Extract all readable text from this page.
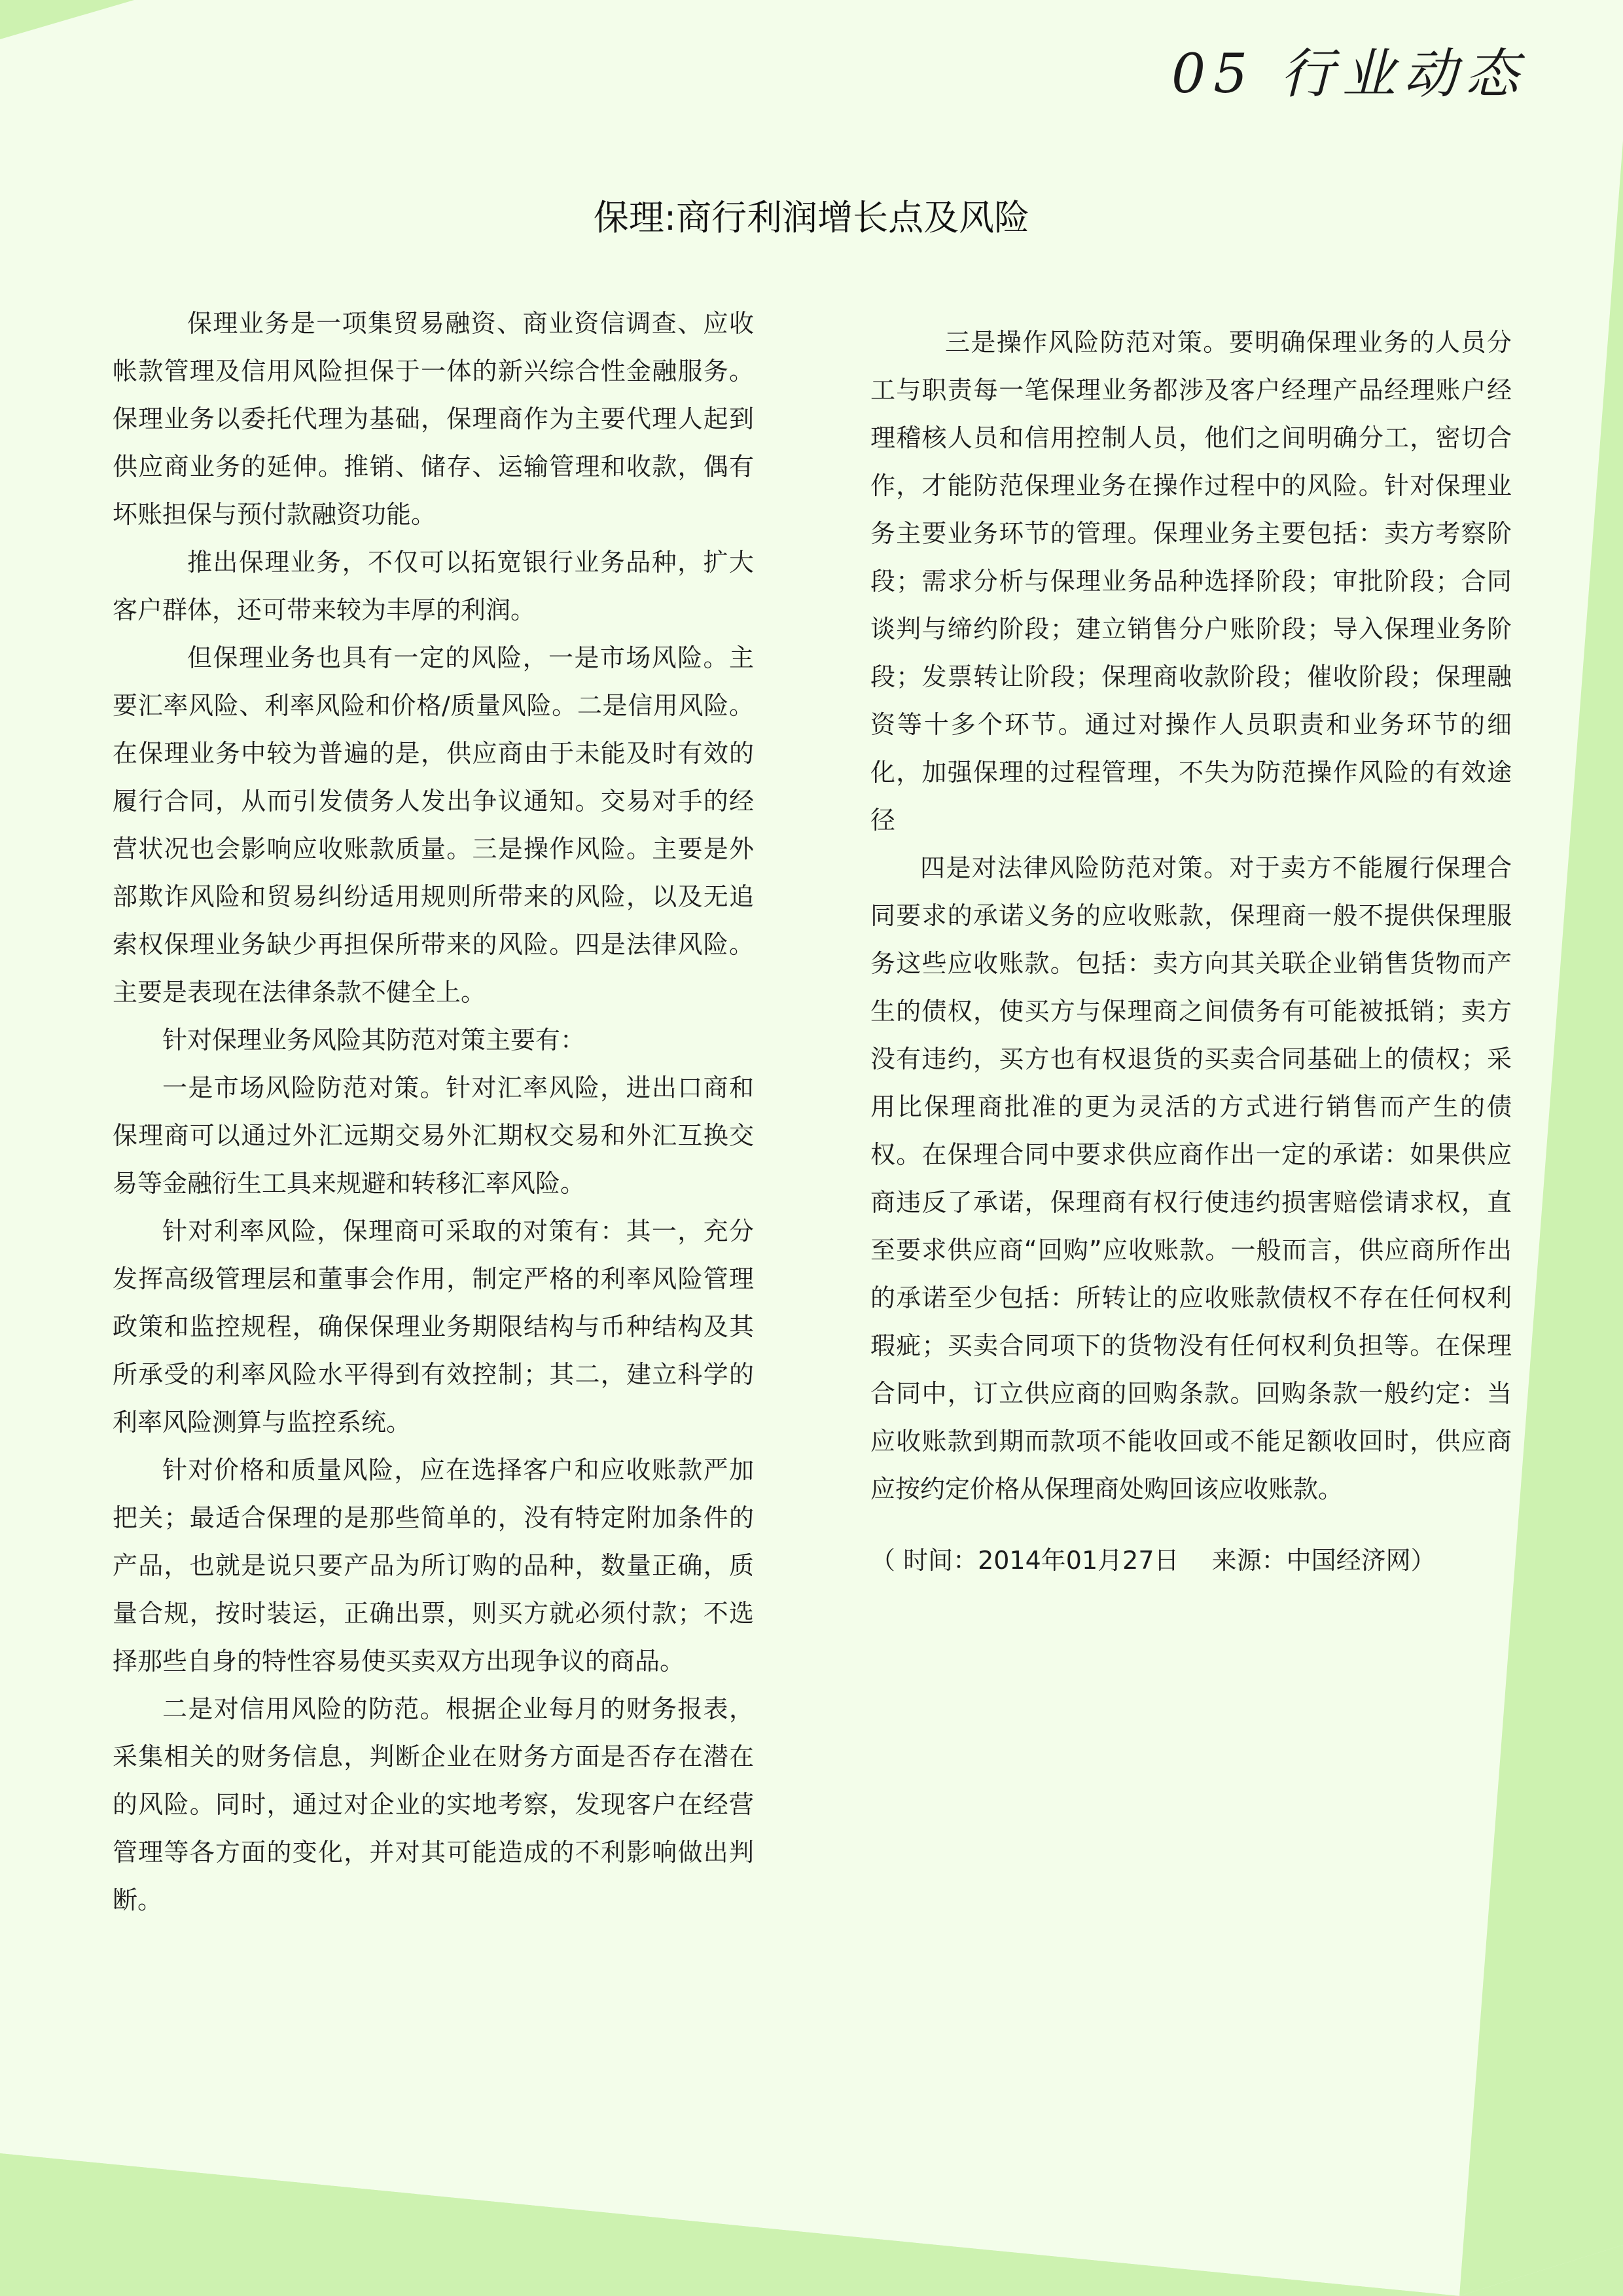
05 行业动态
保理:商行利润增长点及风险

保理业务是一项集贸易融资、商业资信调查、应收帐款管理及信用风险担保于一体的新兴综合性金融服务。保理业务以委托代理为基础，保理商作为主要代理人起到供应商业务的延伸。推销、储存、运输管理和收款，偶有坏账担保与预付款融资功能。

推出保理业务，不仅可以拓宽银行业务品种，扩大客户群体，还可带来较为丰厚的利润。

但保理业务也具有一定的风险，一是市场风险。主要汇率风险、利率风险和价格/质量风险。二是信用风险。在保理业务中较为普遍的是，供应商由于未能及时有效的履行合同，从而引发债务人发出争议通知。交易对手的经营状况也会影响应收账款质量。三是操作风险。主要是外部欺诈风险和贸易纠纷适用规则所带来的风险，以及无追索权保理业务缺少再担保所带来的风险。四是法律风险。主要是表现在法律条款不健全上。

针对保理业务风险其防范对策主要有：

一是市场风险防范对策。针对汇率风险，进出口商和保理商可以通过外汇远期交易外汇期权交易和外汇互换交易等金融衍生工具来规避和转移汇率风险。

针对利率风险，保理商可采取的对策有：其一，充分发挥高级管理层和董事会作用，制定严格的利率风险管理政策和监控规程，确保保理业务期限结构与币种结构及其所承受的利率风险水平得到有效控制；其二，建立科学的利率风险测算与监控系统。

针对价格和质量风险，应在选择客户和应收账款严加把关；最适合保理的是那些简单的，没有特定附加条件的产品，也就是说只要产品为所订购的品种，数量正确，质量合规，按时装运，正确出票，则买方就必须付款；不选择那些自身的特性容易使买卖双方出现争议的商品。

二是对信用风险的防范。根据企业每月的财务报表，采集相关的财务信息，判断企业在财务方面是否存在潜在的风险。同时，通过对企业的实地考察，发现客户在经营管理等各方面的变化，并对其可能造成的不利影响做出判断。

三是操作风险防范对策。要明确保理业务的人员分工与职责每一笔保理业务都涉及客户经理产品经理账户经理稽核人员和信用控制人员，他们之间明确分工，密切合作，才能防范保理业务在操作过程中的风险。针对保理业务主要业务环节的管理。保理业务主要包括：卖方考察阶段；需求分析与保理业务品种选择阶段；审批阶段；合同谈判与缔约阶段；建立销售分户账阶段；导入保理业务阶段；发票转让阶段；保理商收款阶段；催收阶段；保理融资等十多个环节。通过对操作人员职责和业务环节的细化，加强保理的过程管理，不失为防范操作风险的有效途径

四是对法律风险防范对策。对于卖方不能履行保理合同要求的承诺义务的应收账款，保理商一般不提供保理服务这些应收账款。包括：卖方向其关联企业销售货物而产生的债权，使买方与保理商之间债务有可能被抵销；卖方没有违约，买方也有权退货的买卖合同基础上的债权；采用比保理商批准的更为灵活的方式进行销售而产生的债权。在保理合同中要求供应商作出一定的承诺：如果供应商违反了承诺，保理商有权行使违约损害赔偿请求权，直至要求供应商“回购”应收账款。一般而言，供应商所作出的承诺至少包括：所转让的应收账款债权不存在任何权利瑕疵；买卖合同项下的货物没有任何权利负担等。在保理合同中，订立供应商的回购条款。回购条款一般约定：当应收账款到期而款项不能收回或不能足额收回时，供应商应按约定价格从保理商处购回该应收账款。

（ 时间：2014年01月27日　 来源：中国经济网）
